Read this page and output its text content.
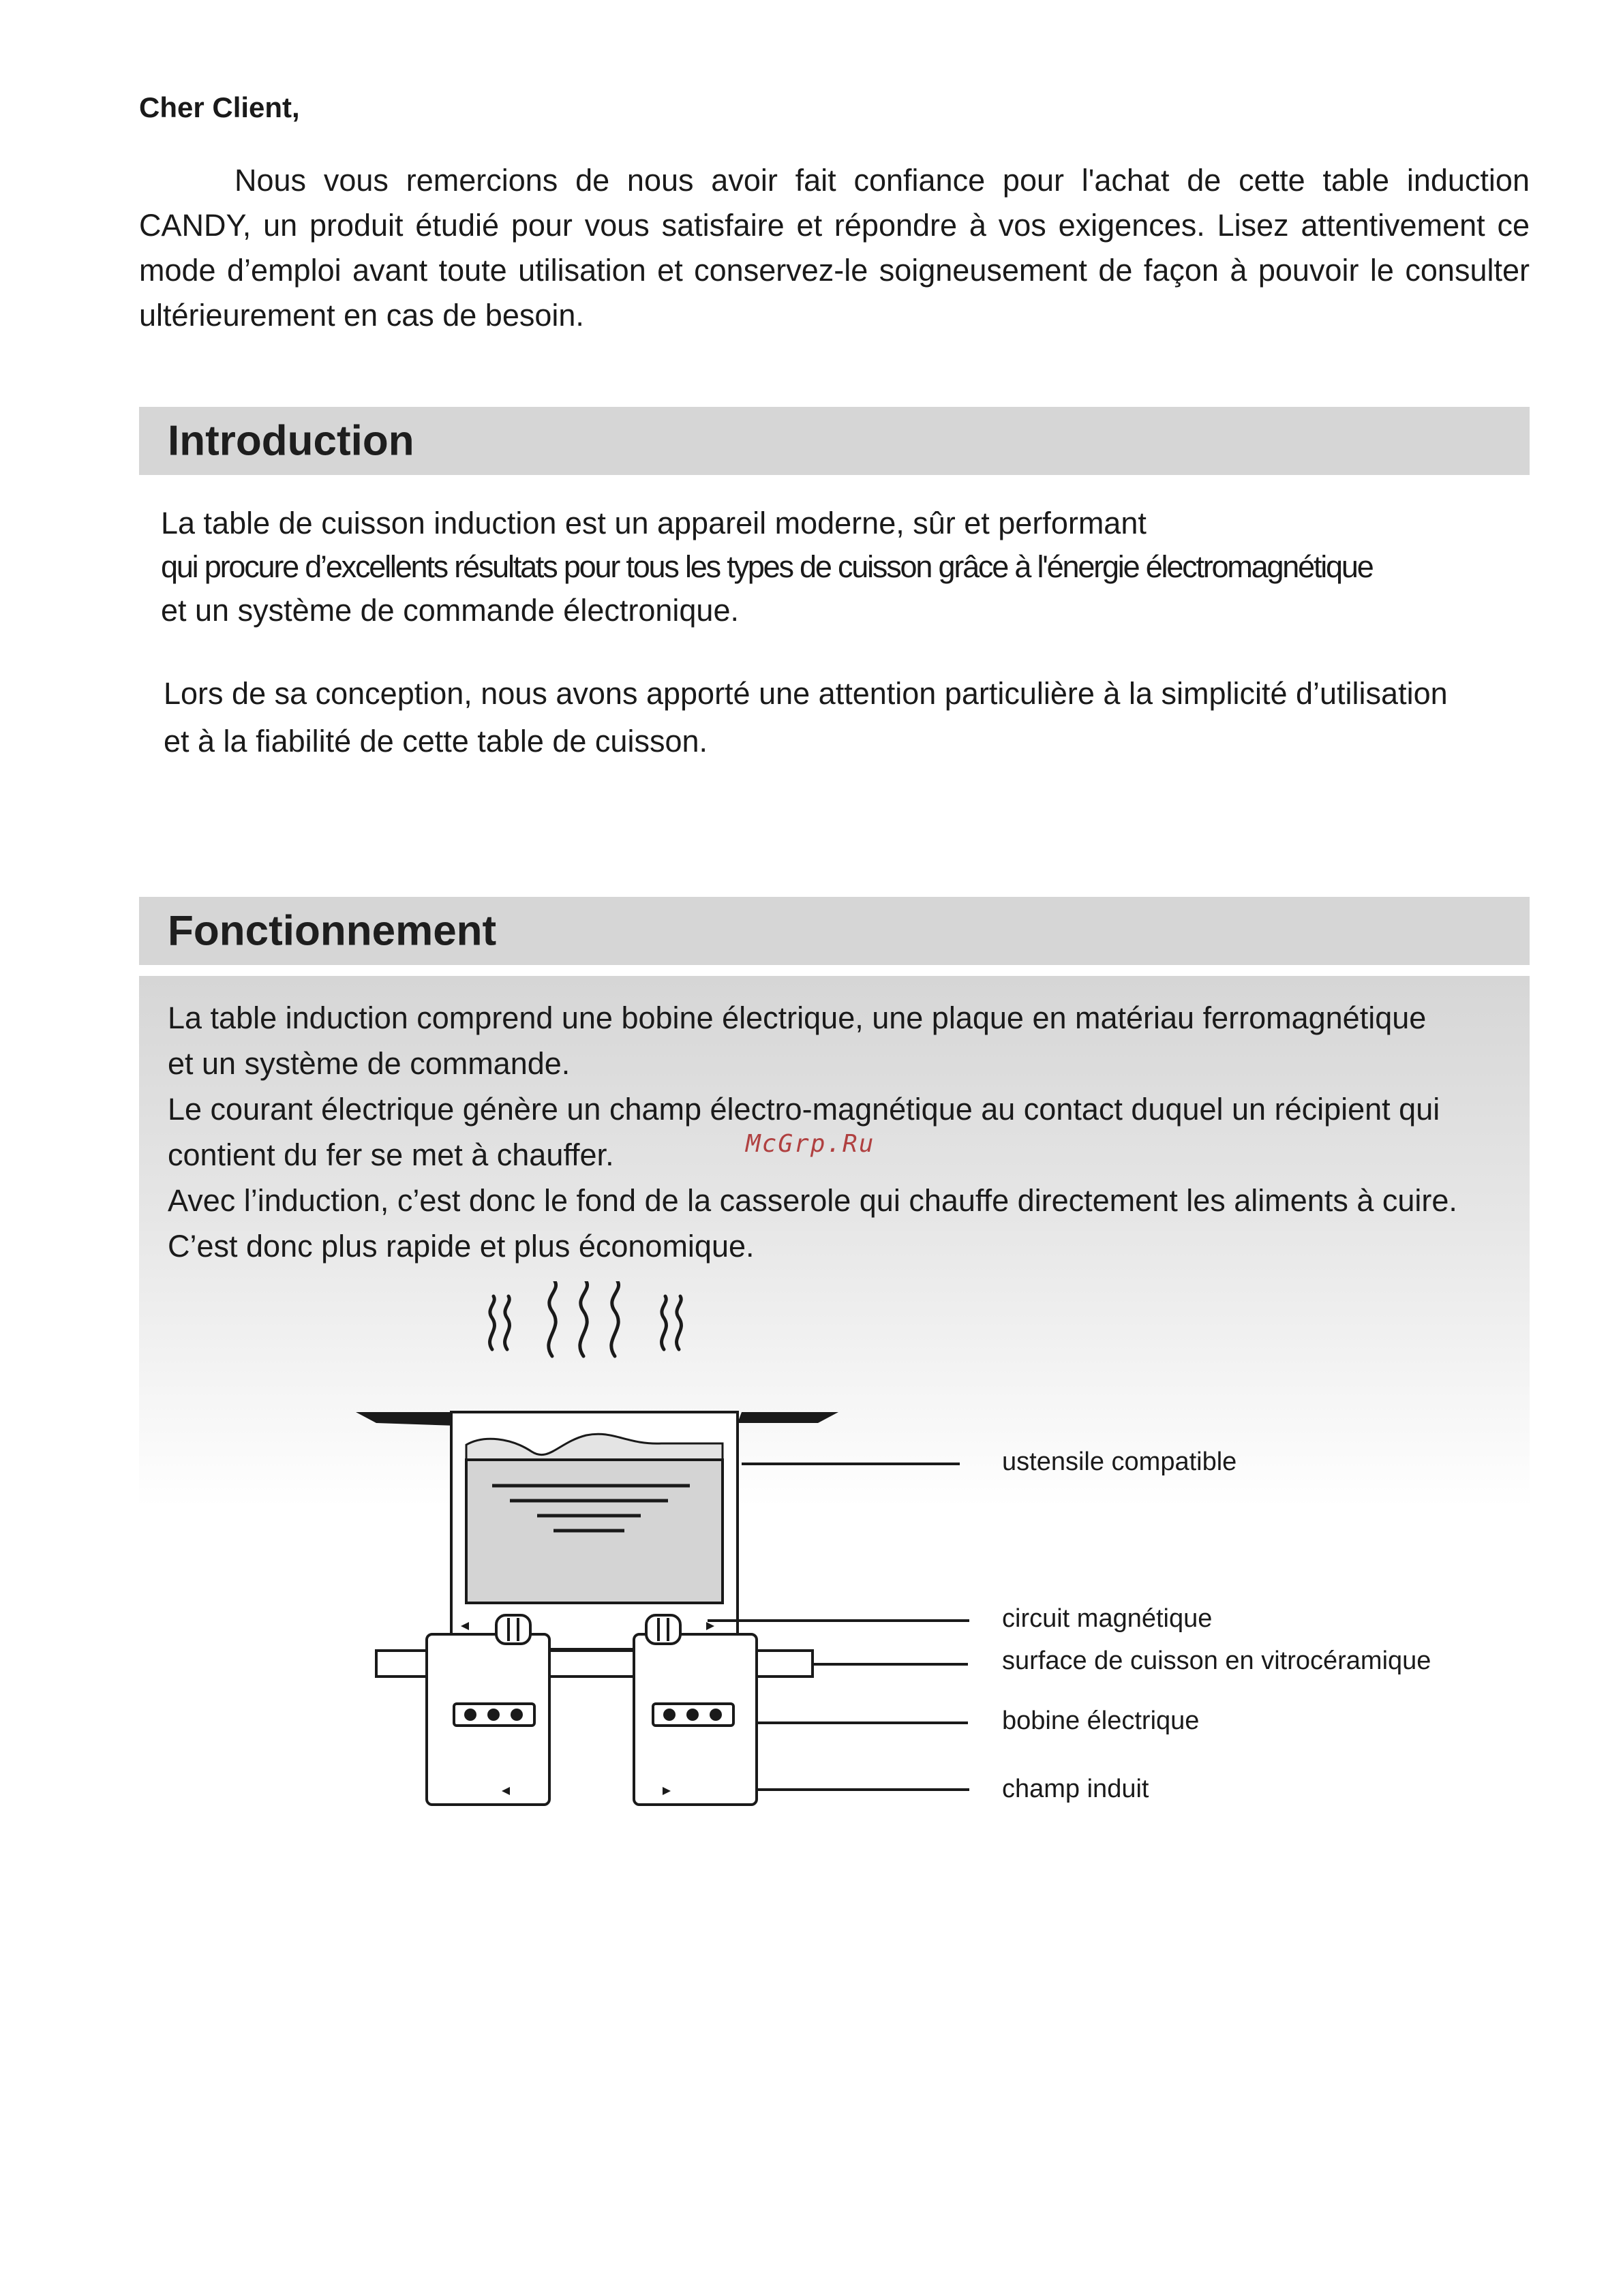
Cher Client,
Nous vous remercions de nous avoir fait confiance pour l'achat de cette table induction CANDY, un produit étudié pour vous satisfaire et répondre à vos exigences. Lisez attentivement ce mode d’emploi avant toute utilisation et conservez-le soigneusement de façon à pouvoir le consulter ultérieurement en cas de besoin.
Introduction
La table de cuisson induction est un appareil moderne, sûr et performant
qui procure d’excellents résultats pour tous les types de cuisson grâce à l'énergie électromagnétique
et un système de commande électronique.
Lors de sa conception, nous avons apporté une attention particulière à la simplicité d’utilisation
et à la fiabilité de cette table de cuisson.
Fonctionnement
La table induction comprend une bobine électrique, une plaque en matériau ferromagnétique
et un système de commande.
Le courant électrique génère un champ électro-magnétique au contact duquel un récipient qui
contient du fer se met à chauffer.
Avec l’induction, c’est donc le fond de la casserole qui chauffe directement les aliments à cuire.
C’est donc plus rapide et plus économique.
McGrp.Ru
ustensile compatible
circuit magnétique
surface de cuisson en vitrocéramique
bobine électrique
champ induit
